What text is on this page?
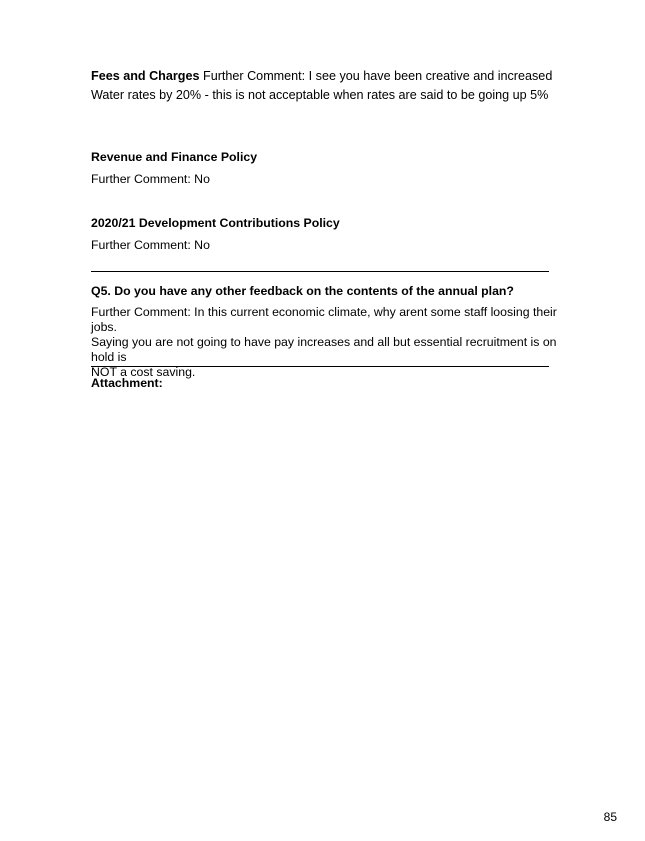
Fees and Charges Further Comment: I see you have been creative and increased
Water rates by 20% - this is not acceptable when rates are said to be going up 5%
Revenue and Finance Policy
Further Comment: No
2020/21 Development Contributions Policy
Further Comment: No
Q5. Do you have any other feedback on the contents of the annual plan?
Further Comment: In this current economic climate, why arent some staff loosing their jobs.
Saying you are not going to have pay increases and all but essential recruitment is on hold is
NOT a cost saving.
Attachment:
85
